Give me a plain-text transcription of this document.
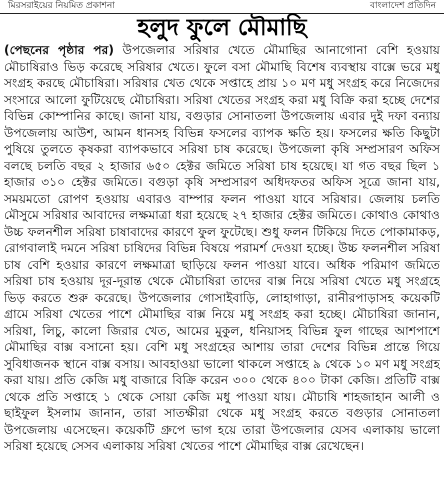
মিরসরাইয়ের নিয়মিত প্রকাশনা	বাংলাদেশ প্রতিদিন
হলুদ ফুলে মৌমাছি

(পেছনের পৃষ্ঠার পর) উপজেলার সরিষার খেতে মৌমাছির আনাগোনা বেশি হওয়ায় মৌচাষিরাও ভিড় করেছে সরিষার খেতে। ফুলে বসা মৌমাছি বিশেষ ব্যবস্থায় বাক্সে ভরে মধু সংগ্রহ করছে মৌচাষিরা। সরিষার খেত থেকে সপ্তাহে প্রায় ১০ মণ মধু সংগ্রহ করে নিজেদের সংসারে আলো ফুটিয়েছে মৌচাষিরা। সরিষা খেতের সংগ্রহ করা মধু বিক্রি করা হচ্ছে দেশের বিভিন্ন কোম্পানির কাছে। জানা যায়, বগুড়ার সোনাতলা উপজেলায় এবার দুই দফা বন্যায় উপজেলায় আউশ, আমন ধানসহ বিভিন্ন ফসলের ব্যাপক ক্ষতি হয়। ফসলের ক্ষতি কিছুটা পুষিয়ে তুলতে কৃষকরা ব্যাপকভাবে সরিষা চাষ করেছে। উপজেলা কৃষি সম্প্রসারণ অফিস বলছে চলতি বছর ২ হাজার ৬৫০ হেক্টর জমিতে সরিষা চাষ হয়েছে। যা গত বছর ছিল ১ হাজার ৩১০ হেক্টর জমিতে। বগুড়া কৃষি সম্প্রসারণ অধিদফতর অফিস সূত্রে জানা যায়, সময়মতো রোপণ হওয়ায় এবারও বাম্পার ফলন পাওয়া যাবে সরিষার। জেলায় চলতি মৌসুমে সরিষার আবাদের লক্ষমাত্রা ধরা হয়েছে ২৭ হাজার হেক্টর জমিতে। কোথাও কোথাও উচ্চ ফলনশীল সরিষা চাষাবাদের কারণে ফুল ফুটেছে। শুধু ফলন টিকিয়ে দিতে পোকামাকড়, রোগবালাই দমনে সরিষা চাষিদের বিভিন্ন বিষয়ে পরামর্শ দেওয়া হচ্ছে। উচ্চ ফলনশীল সরিষা চাষ বেশি হওয়ার কারণে লক্ষমাত্রা ছাড়িয়ে ফলন পাওয়া যাবে। অধিক পরিমাণ জমিতে সরিষা চাষ হওয়ায় দূর-দূরান্ত থেকে মৌচাষিরা তাদের বাক্স নিয়ে সরিষা খেতে মধু সংগ্রহে ভিড় করতে শুরু করেছে। উপজেলার গোসাইবাড়ি, লোহাগাড়া, রানীরপাড়াসহ কয়েকটি গ্রামে সরিষা খেতের পাশে মৌমাছির বাক্স নিয়ে মধু সংগ্রহ করা হচ্ছে। মৌচাষিরা জানান, সরিষা, লিচু, কালো জিরার খেত, আমের মুকুল, ধনিয়াসহ বিভিন্ন ফুল গাছের আশপাশে মৌমাছির বাক্স বসানো হয়। বেশি মধু সংগ্রহের আশায় তারা দেশের বিভিন্ন প্রান্তে গিয়ে সুবিধাজনক স্থানে বাক্স বসায়। আবহাওয়া ভালো থাকলে সপ্তাহে ৯ থেকে ১০ মণ মধু সংগ্রহ করা যায়। প্রতি কেজি মধু বাজারে বিক্রি করেন ৩০০ থেকে ৪০০ টাকা কেজি। প্রতিটি বাক্স থেকে প্রতি সপ্তাহে ১ থেকে সোয়া কেজি মধু পাওয়া যায়। মৌচাষি শাহজাহান আলী ও ছাইফুল ইসলাম জানান, তারা সাতক্ষীরা থেকে মধু সংগ্রহ করতে বগুড়ার সোনাতলা উপজেলায় এসেছেন। কয়েকটি গ্রুপে ভাগ হয়ে তারা উপজেলার যেসব এলাকায় ভালো সরিষা হয়েছে সেসব এলাকায় সরিষা খেতের পাশে মৌমাছির বাক্স রেখেছেন।
